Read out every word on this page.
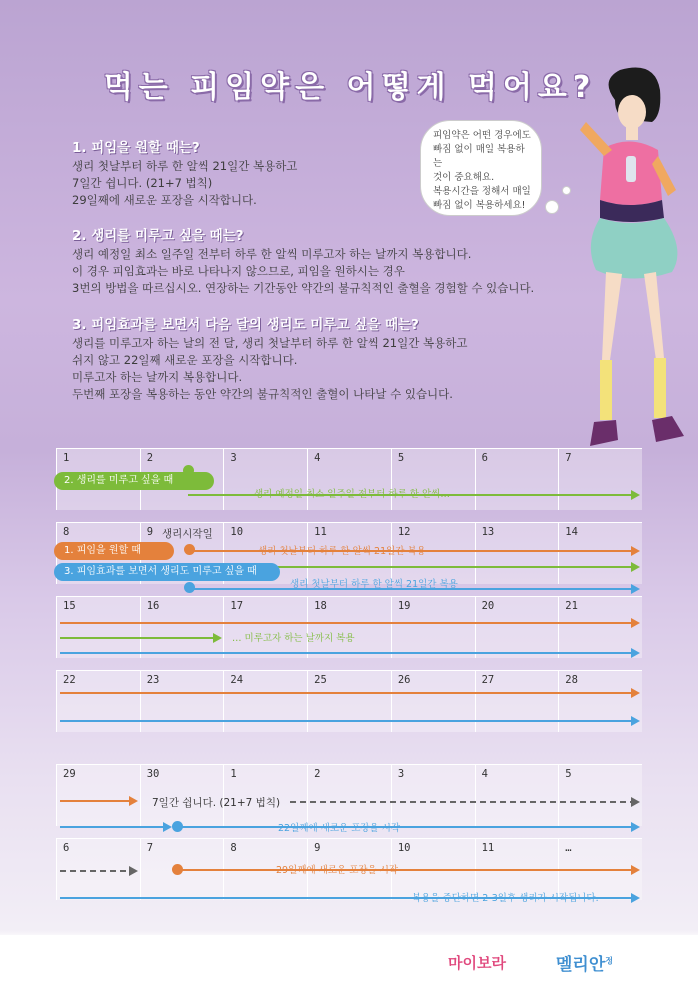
먹는 피임약은 어떻게 먹어요?
1. 피임을 원할 때는?

생리 첫날부터 하루 한 알씩 21일간 복용하고
7일간 쉽니다. (21+7 법칙)
29일째에 새로운 포장을 시작합니다.

2. 생리를 미루고 싶을 때는?

생리 예정일 최소 일주일 전부터 하루 한 알씩 미루고자 하는 날까지 복용합니다.
이 경우 피임효과는 바로 나타나지 않으므로, 피임을 원하시는 경우
3번의 방법을 따르십시오. 연장하는 기간동안 약간의 불규칙적인 출혈을 경험할 수 있습니다.

3. 피임효과를 보면서 다음 달의 생리도 미루고 싶을 때는?

생리를 미루고자 하는 날의 전 달, 생리 첫날부터 하루 한 알씩 21일간 복용하고
쉬지 않고 22일째 새로운 포장을 시작합니다.
미루고자 하는 날까지 복용합니다.
두번째 포장을 복용하는 동안 약간의 불규칙적인 출혈이 나타날 수 있습니다.

피임약은 어떤 경우에도
빠짐 없이 매일 복용하는
것이 중요해요.
복용시간을 정해서 매일
빠짐 없이 복용하세요!
1	2	3	4	5	6	7
8	9	10	11	12	13	14
15	16	17	18	19	20	21
22	23	24	25	26	27	28
29	30	1	2	3	4	5
6	7	8	9	10	11	…
2. 생리를 미루고 싶을 때
생리 예정일 최소 일주일 전부터 하루 한 알씩…
생리시작일
1. 피임을 원할 때	생리 첫날부터 하루 한 알씩 21일간 복용
3. 피임효과를 보면서 생리도 미루고 싶을 때
생리 첫날부터 하루 한 알씩 21일간 복용
… 미루고자 하는 날까지 복용
7일간 쉽니다. (21+7 법칙)
22일째에 새로운 포장을 시작
29일째에 새로운 포장을 시작
복용을 중단하면 2-3일후 생리가 시작됩니다.
마이보라	멜리안$^정$
